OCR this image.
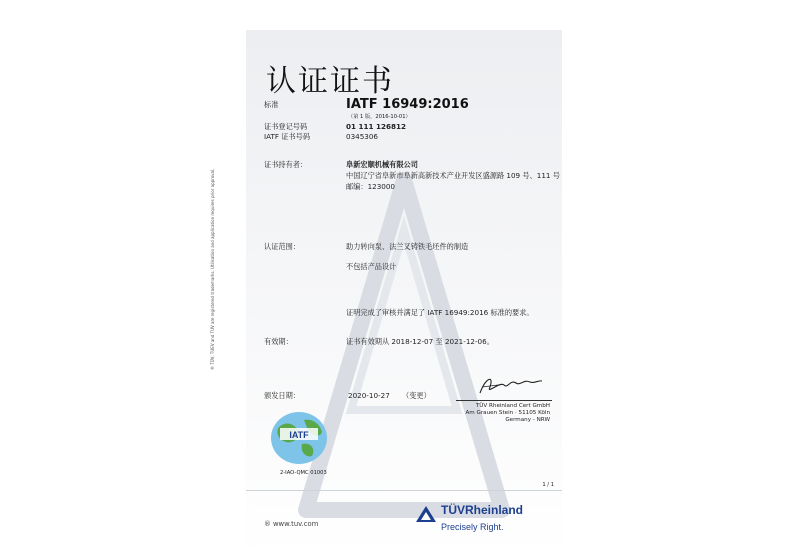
® TÜV, TUEV and TUV are registered trademarks. Utilisation and application requires prior approval.
认证证书
标准	IATF 16949:2016
（第 1 版，2016-10-01）
证书登记号码	01 111 126812
IATF 证书号码	0345306
证书持有者：	阜新宏顺机械有限公司
中国辽宁省阜新市阜新高新技术产业开发区盛源路 109 号、111 号
邮编：123000
认证范围：	助力转向泵、法兰叉铸铁毛坯件的制造
不包括产品设计
证明完成了审核并满足了 IATF 16949:2016 标准的要求。
有效期：	证书有效期从 2018-12-07 至 2021-12-06。
颁发日期：	2020-10-27 （变更）
TÜV Rheinland Cert GmbH
Am Grauen Stein · 51105 Köln
Germany - NRW
IATF
2-IAO-QMC 01003
1 / 1
® www.tuv.com
TÜVRheinland
Precisely Right.
